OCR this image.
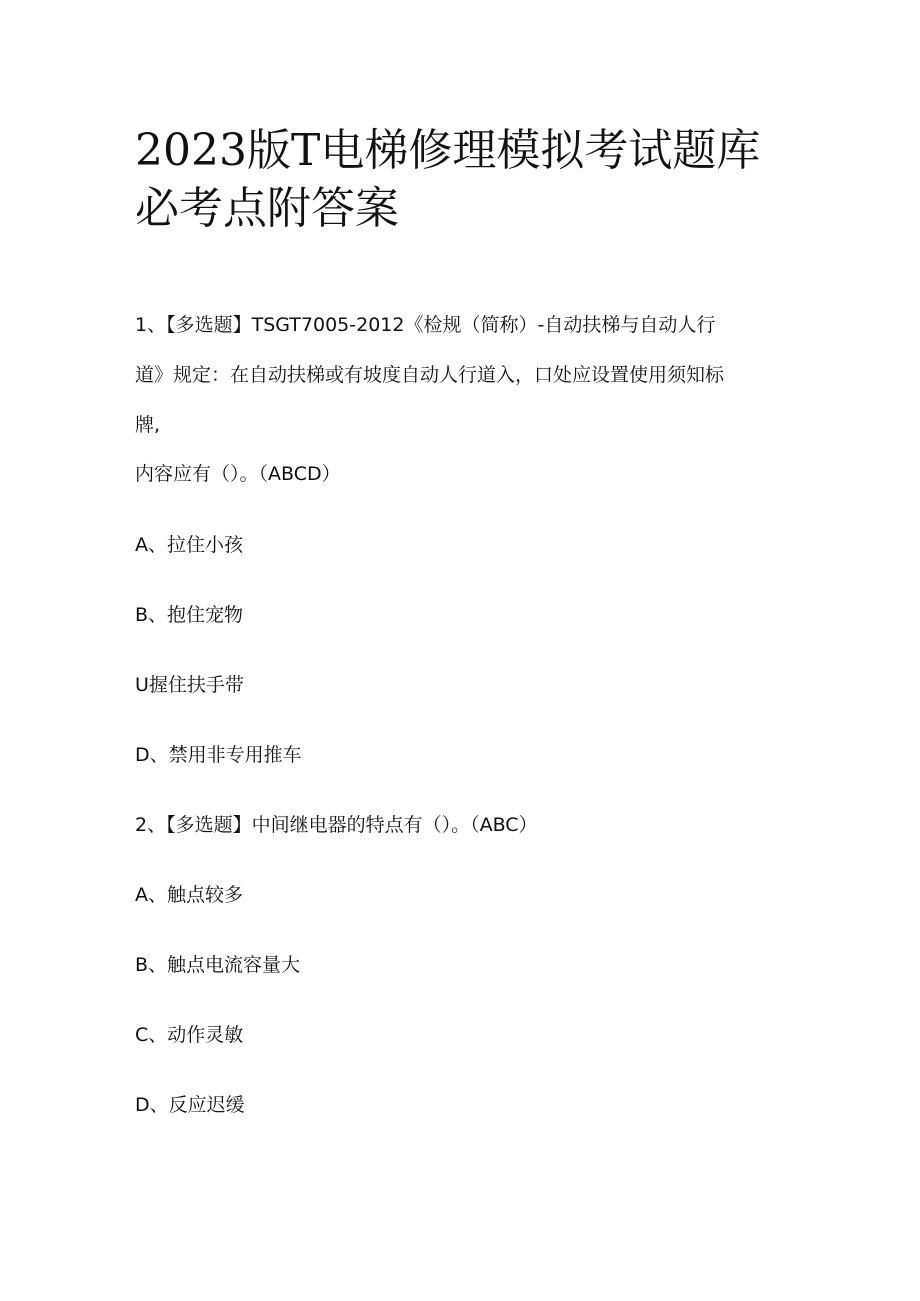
2023版T电梯修理模拟考试题库
必考点附答案
1、【多选题】TSGT7005-2012《检规（简称）-自动扶梯与自动人行
道》规定：在自动扶梯或有坡度自动人行道入，口处应设置使用须知标
牌,
内容应有（）。（ABCD）
A、拉住小孩
B、抱住宠物
U握住扶手带
D、禁用非专用推车
2、【多选题】中间继电器的特点有（）。（ABC）
A、触点较多
B、触点电流容量大
C、动作灵敏
D、反应迟缓
